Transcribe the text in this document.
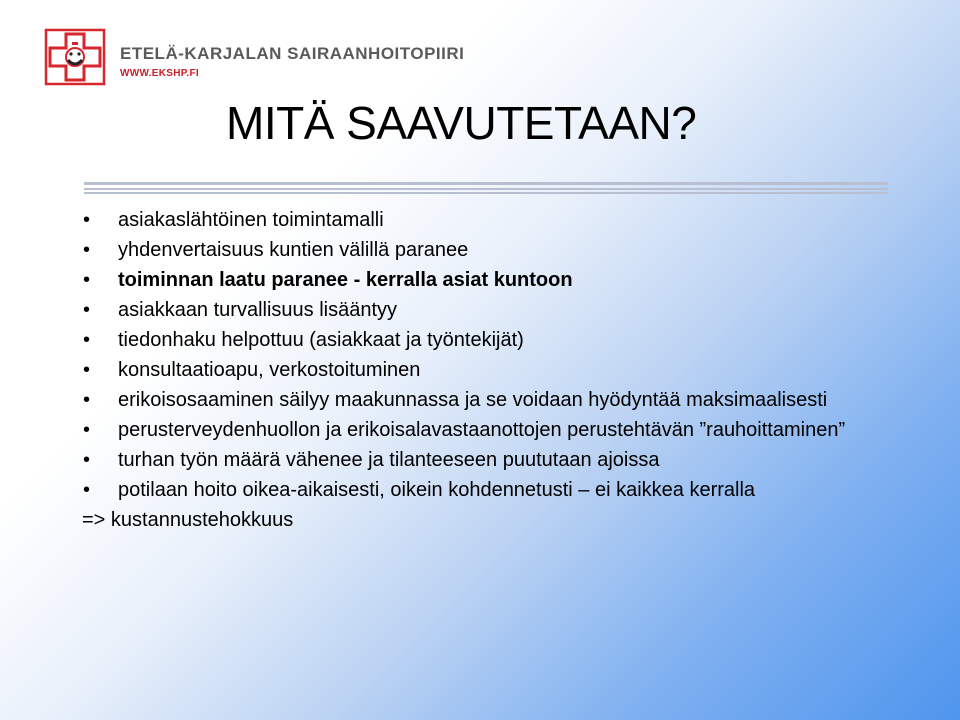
ETELÄ-KARJALAN SAIRAANHOITOPIIRI
WWW.EKSHP.FI
MITÄ SAAVUTETAAN?
• asiakaslähtöinen toimintamalli
• yhdenvertaisuus kuntien välillä paranee
• toiminnan laatu paranee - kerralla asiat kuntoon
• asiakkaan turvallisuus lisääntyy
• tiedonhaku helpottuu (asiakkaat ja työntekijät)
• konsultaatioapu, verkostoituminen
• erikoisosaaminen säilyy maakunnassa ja se voidaan hyödyntää maksimaalisesti
• perusterveydenhuollon ja erikoisalavastaanottojen perustehtävän ”rauhoittaminen”
• turhan työn määrä vähenee ja tilanteeseen puututaan ajoissa
• potilaan hoito oikea-aikaisesti, oikein kohdennetusti – ei kaikkea kerralla
=> kustannustehokkuus
